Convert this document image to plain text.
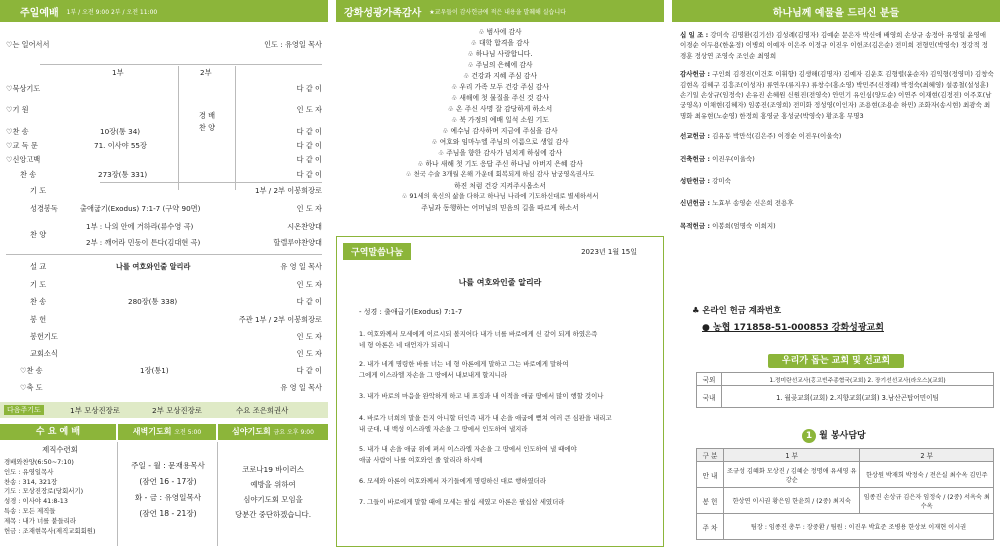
주일예배 1부 / 오전 9:00 2부 / 오전 11:00
♡는 일어서서	인도 : 유영일 목사
1부	2부
경 배
찬 양
♡묵상기도	다 같 이
♡기 원	인 도 자
♡찬 송	10장(통 34)	다 같 이
♡교 독 문	71. 이사야 55장	다 같 이
♡신앙고백	다 같 이
찬 송	273장(통 331)	다 같 이
기 도	1부 / 2부 이봉희장로
성경봉독	출애굽기(Exodus) 7:1-7 (구약 90면)	인 도 자
찬 양
1부 : 나의 안에 거하라(류수영 곡)	시온찬양대
2부 : 깨어라 민동이 튼다(김대현 곡)	할렐루야찬양대
설 교	나를 여호와인줄 알리라	유 영 일 목사
기 도	인 도 자
찬 송	280장(통 338)	다 같 이
봉 헌	주관 1부 / 2부 이봉희장로
봉헌기도	인 도 자
교회소식	인 도 자
♡찬 송	1장(통1)	다 같 이
♡축 도	유 영 일 목사
다음주기도	1부 모상진장로	2부 모상진장로	수요 조은희권사
수 요 예 배	새벽기도회 오전 5:00	심야기도회 금요 오후 9:00
제직수련회
경배와찬양(6:50~7:10)
인도 : 유영일목사
찬송 : 314, 321장
기도 : 모상진장로(당회서기)
성경 : 이사야 41:8-13
특송 : 모든 제직들
제목 : 내가 너를 붙들리라
헌금 : 조재현목사(제직교회회원)
주일 - 월 : 문재용목사
(잠언 16 - 17장)
화 - 금 : 유영일목사
(잠언 18 - 21장)
코로나19 바이러스
예방을 위하여
심야기도회 모임을
당분간 중단하겠습니다.
강화성광가족감사 ★교우들이 감사헌금에 적은 내용을 발췌해 실습니다
♧ 범사에 감사
♧ 대학 합격을 감사
♧ 하나님 사랑합니다.
♧ 주님의 은혜에 감사
♧ 건강과 지혜 주심 감사
♧ 우리 가족 모두 건강 주심 감사
♧ 새해에 첫 물질을 주신 것 감사
♧ 온 주신 사명 잘 감당하게 하소서
♧ 북 가정의 예배 일석 소원 기도
♧ 예수님 감사하며 지금에 주심을 감사
♧ 여호와 임마누엘 주님의 이름으로 생일 감사
♧ 주님을 향한 감사가 넘치게 하심에 감사
♧ 하나 새해 첫 기도 응답 주신 하나님 아버지 은혜 감사
♧ 천국 수술 3개월 온해 가운데 회복되게 하심 감사 남궁영옥권사도
하진 처럼 건강 지켜주시옵소서
♧ 91세의 육신의 삶을 다하고 하나님 나라에 기도하신대로 별세하셔서
주님과 동행하는 어머님의 믿음의 길을 따르게 하소서
구역말씀나눔	2023년 1월 15일
나를 여호와인줄 알리라
- 성경 : 출애굽기(Exodus) 7:1-7
1. 여호와께서 모세에게 이르시되 볼지어다 내가 너를 바로에게 신 같이 되게 하였은즉
네 형 아론은 네 대언자가 되리니
2. 내가 네게 명령한 바를 너는 네 형 아론에게 말하고 그는 바로에게 말하여
그에게 이스라엘 자손을 그 땅에서 내보내게 할지니라
3. 내가 바로의 마음을 완악하게 하고 내 표징과 내 이적을 애굽 땅에서 많이 행할 것이나
4. 바로가 너희의 말을 듣지 아니할 터인즉 내가 내 손을 애굽에 뻗쳐 여러 큰 심판을 내리고
내 군대, 내 백성 이스라엘 자손을 그 땅에서 인도하여 낼지라
5. 내가 내 손을 애굽 위에 펴서 이스라엘 자손을 그 땅에서 인도하여 낼 때에야
애굽 사람이 나를 여호와인 줄 알리라 하시매
6. 모세와 아론이 여호와께서 자기들에게 명령하신 대로 행하였더라
7. 그들이 바로에게 말할 때에 모세는 팔십 세였고 아론은 팔십삼 세였더라
하나님께 예물을 드리신 분들
십 일 조 : 강미숙 김명환(김기선) 김성례(김명자) 김예순 문은자 박신애 배영희 손상규 송정아 유영일 윤영애 이경순 이두용(한윤정) 이병희 이예자 이은주 이정규 이진우 이헌조(김은순) 전미희 전형민(박영숙) 정강적 정경훈 정상연 조영숙 조인순 최영희
감사헌금 : 구인희 김경진(이건호 이휘향) 김생해(김명자) 김예자 김운호 김형렬(윤순자) 김익형(정영미) 김창숙 김현옥 김혜구 김흥조(이성자) 류연우(류지우) 류창수(홍소영) 박민주(신경례) 박정숙(최혜영) 설종철(설성훈) 손기일 손상규(임정숙) 손유진 손혜원 신원진(전영숙) 안민기 유인심(양도순) 이연주 이재현(김정진) 이주호(남궁영옥) 이채현(김혜자) 임종진(조영희) 전미화 정성영(이인자) 조용현(조용순 하민) 조화자(송시현) 최광숙 최명화 최유현(노순영) 한정희 홍영균 홍성균(박영숙) 황조홍 무명3
선교헌금 : 김유동 박만석(김은주) 이경순 이진우(이울숙)
건축헌금 : 이진우(이울숙)
성탄헌금 : 강미숙
신년헌금 : 노효부 송영순 신은희 전용후
목적헌금 : 이봉희(엄명숙 이희지)
♣ 온라인 헌금 계좌번호
● 농협 171858-51-000853 강화성광교회
우리가 돕는 교회 및 선교회
국외	1.정미란선교사(홍고빈주종협국(교회) 2. 장기선선교사(라오스)(교회)
국내	1. 월곶교회(교회) 2.지향교회(교회) 3.남산곤탑어민이팀
1 월 봉사담당
구 분	1 부	2 부
안 내	조규성 김혜화 모상진 / 김혜순 정명애 유세영 유강순	한상원 박재희 박정숙 / 전은실 최수옥 김민주
봉 헌	한상연 이시권 황은임 한윤희 / (2중) 최지숙	임종진 손상규 김은자 임정숙 / (2중) 서옥숙 최수옥
주 차	팀장 : 임종진 총무 : 장중환 / 팀원 : 이진우 박효준 조병용 한상보 이재현 이시권	
